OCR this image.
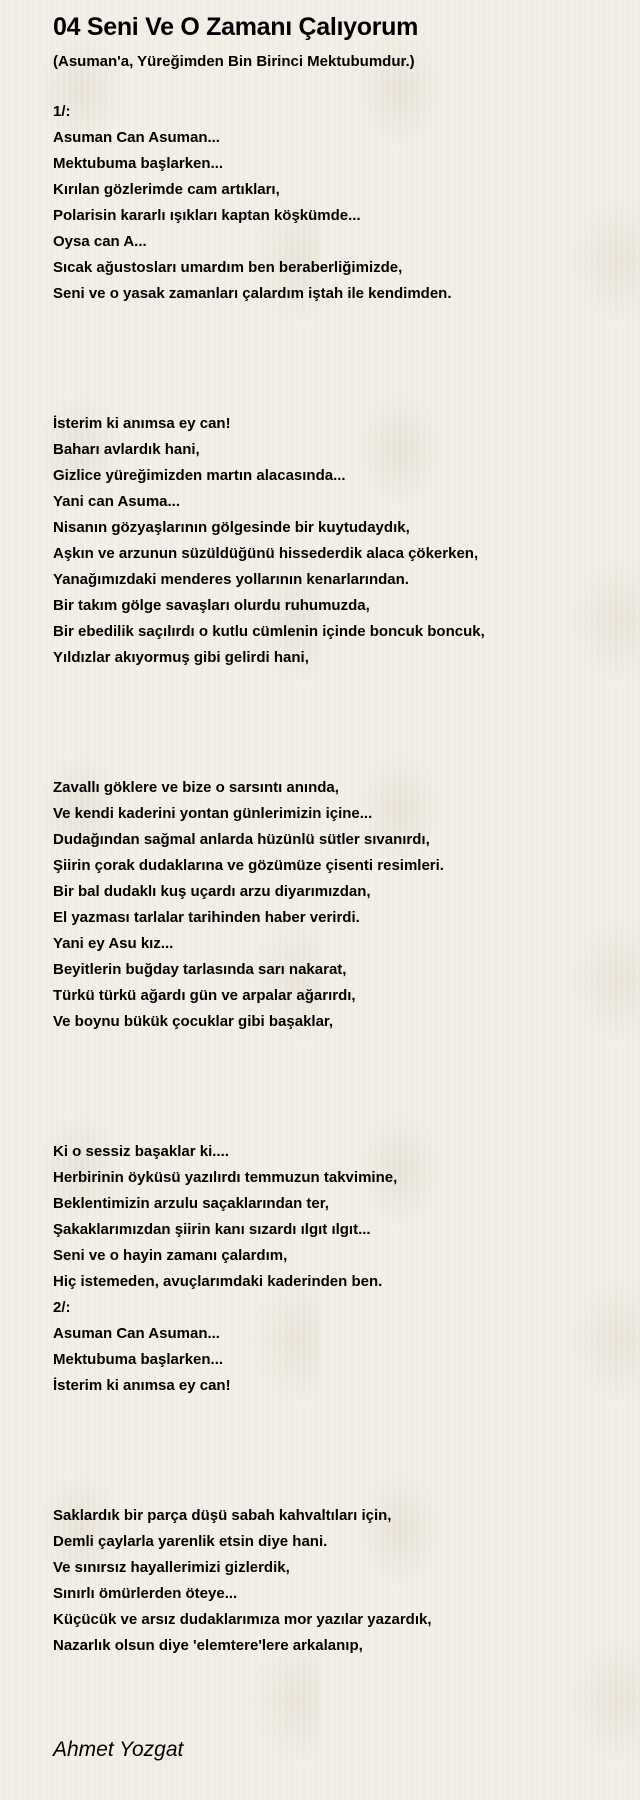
04 Seni Ve O Zamanı Çalıyorum
(Asuman'a, Yüreğimden Bin Birinci Mektubumdur.)
1/:
Asuman Can Asuman...
Mektubuma başlarken...
Kırılan gözlerimde cam artıkları,
Polarisin kararlı ışıkları kaptan köşkümde...
Oysa can A...
Sıcak ağustosları umardım ben beraberliğimizde,
Seni ve o yasak zamanları çalardım iştah ile kendimden.
İsterim ki anımsa ey can!
Baharı avlardık hani,
Gizlice yüreğimizden martın alacasında...
Yani can Asuma...
Nisanın gözyaşlarının gölgesinde bir kuytudaydık,
Aşkın ve arzunun süzüldüğünü hissederdik alaca çökerken,
Yanağımızdaki menderes yollarının kenarlarından.
Bir takım gölge savaşları olurdu ruhumuzda,
Bir ebedilik saçılırdı o kutlu cümlenin içinde boncuk boncuk,
Yıldızlar akıyormuş gibi gelirdi hani,
Zavallı göklere ve bize o sarsıntı anında,
Ve kendi kaderini yontan günlerimizin içine...
Dudağından sağmal anlarda hüzünlü sütler sıvanırdı,
Şiirin çorak dudaklarına ve gözümüze çisenti resimleri.
Bir bal dudaklı kuş uçardı arzu diyarımızdan,
El yazması tarlalar tarihinden haber verirdi.
Yani ey Asu kız...
Beyitlerin buğday tarlasında sarı nakarat,
Türkü türkü ağardı gün ve arpalar ağarırdı,
Ve boynu bükük çocuklar gibi başaklar,
Ki o sessiz başaklar ki....
Herbirinin öyküsü yazılırdı temmuzun takvimine,
Beklentimizin arzulu saçaklarından ter,
Şakaklarımızdan şiirin kanı sızardı ılgıt ılgıt...
Seni ve o hayin zamanı çalardım,
Hiç istemeden, avuçlarımdaki kaderinden ben.
2/:
Asuman Can Asuman...
Mektubuma başlarken...
İsterim ki anımsa ey can!
Saklardık bir parça düşü sabah kahvaltıları için,
Demli çaylarla yarenlik etsin diye hani.
Ve sınırsız hayallerimizi gizlerdik,
Sınırlı ömürlerden öteye...
Küçücük ve arsız dudaklarımıza mor yazılar yazardık,
Nazarlık olsun diye 'elemtere'lere arkalanıp,
Ahmet Yozgat
